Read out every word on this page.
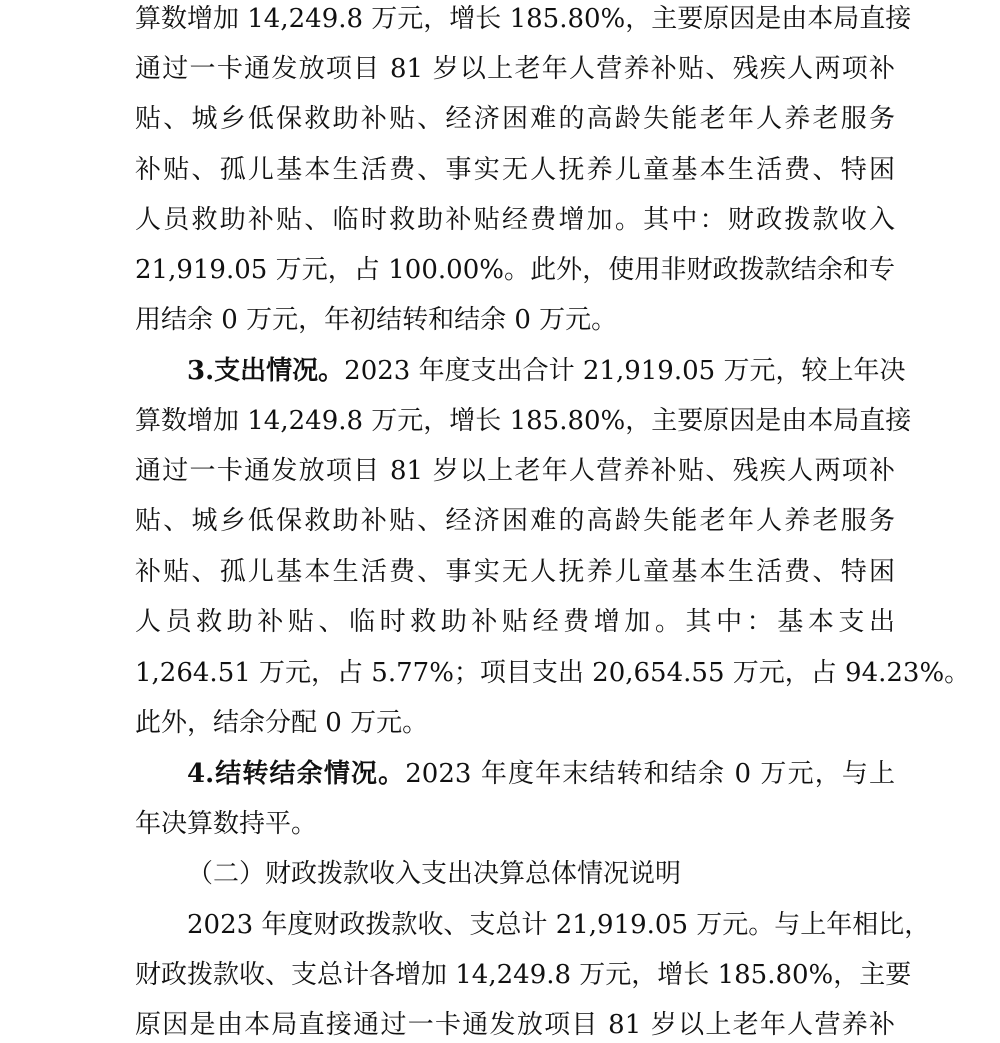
算数增加 14,249.8 万元，增长 185.80%，主要原因是由本局直接
通过一卡通发放项目 81 岁以上老年人营养补贴、残疾人两项补
贴、城乡低保救助补贴、经济困难的高龄失能老年人养老服务
补贴、孤儿基本生活费、事实无人抚养儿童基本生活费、特困
人员救助补贴、临时救助补贴经费增加。其中：财政拨款收入
21,919.05 万元，占 100.00%。此外，使用非财政拨款结余和专
用结余 0 万元，年初结转和结余 0 万元。
3.支出情况。2023 年度支出合计 21,919.05 万元，较上年决
算数增加 14,249.8 万元，增长 185.80%，主要原因是由本局直接
通过一卡通发放项目 81 岁以上老年人营养补贴、残疾人两项补
贴、城乡低保救助补贴、经济困难的高龄失能老年人养老服务
补贴、孤儿基本生活费、事实无人抚养儿童基本生活费、特困
人员救助补贴、临时救助补贴经费增加。其中：基本支出
1,264.51 万元，占 5.77%；项目支出 20,654.55 万元，占 94.23%。
此外，结余分配 0 万元。
4.结转结余情况。2023 年度年末结转和结余 0 万元，与上
年决算数持平。
（二）财政拨款收入支出决算总体情况说明
2023 年度财政拨款收、支总计 21,919.05 万元。与上年相比，
财政拨款收、支总计各增加 14,249.8 万元，增长 185.80%，主要
原因是由本局直接通过一卡通发放项目 81 岁以上老年人营养补
